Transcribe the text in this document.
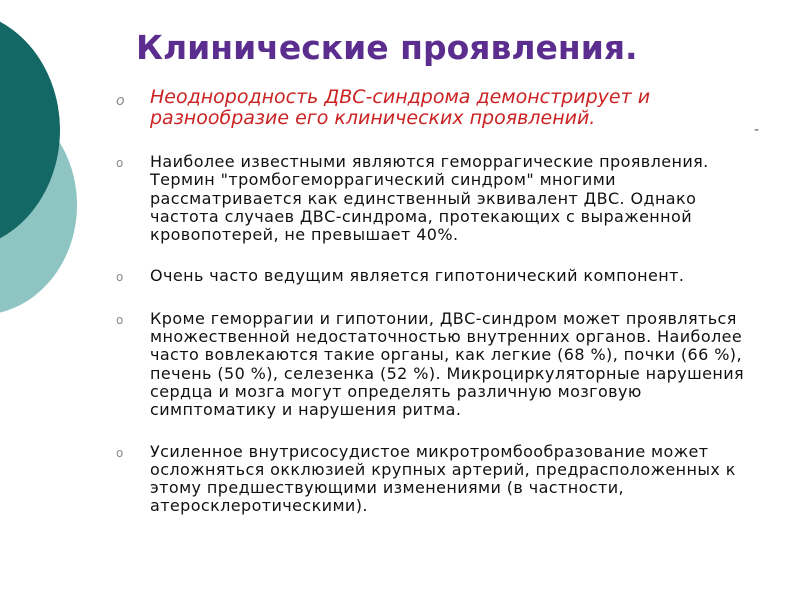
Клинические проявления.
-
o Неоднородность ДВС-синдрома демонстрирует и разнообразие его клинических проявлений.
o Наиболее известными являются геморрагические проявления. Термин "тромбогеморрагический синдром" многими рассматривается как единственный эквивалент ДВС. Однако частота случаев ДВС-синдрома, протекающих с выраженной кровопотерей, не превышает 40%.
o Очень часто ведущим является гипотонический компонент.
o Кроме геморрагии и гипотонии, ДВС-синдром может проявляться множественной недостаточностью внутренних органов. Наиболее часто вовлекаются такие органы, как легкие (68 %), почки (66 %), печень (50 %), селезенка (52 %). Микроциркуляторные нарушения сердца и мозга могут определять различную мозговую симптоматику и нарушения ритма.
o Усиленное внутрисосудистое микротромбообразование может осложняться окклюзией крупных артерий, предрасположенных к этому предшествующими изменениями (в частности, атеросклеротическими).
